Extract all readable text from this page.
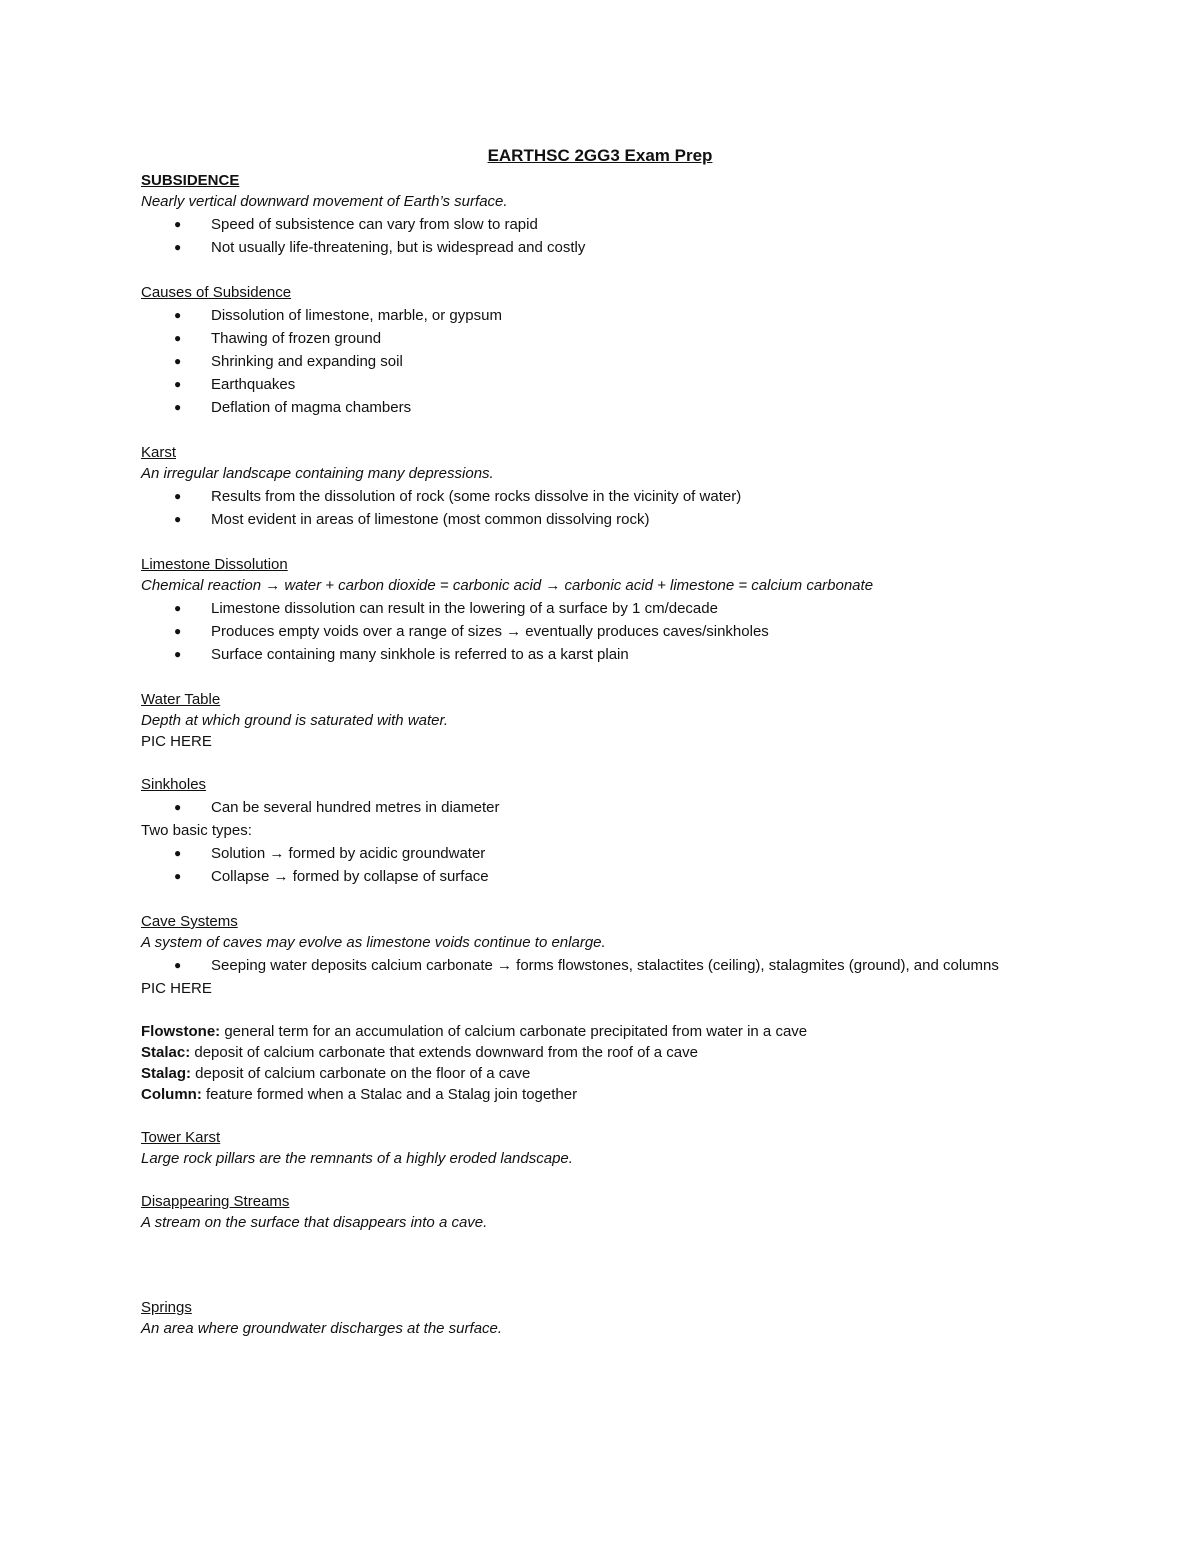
EARTHSC 2GG3 Exam Prep
SUBSIDENCE
Nearly vertical downward movement of Earth’s surface.
● Speed of subsistence can vary from slow to rapid
● Not usually life-threatening, but is widespread and costly
Causes of Subsidence
● Dissolution of limestone, marble, or gypsum
● Thawing of frozen ground
● Shrinking and expanding soil
● Earthquakes
● Deflation of magma chambers
Karst
An irregular landscape containing many depressions.
● Results from the dissolution of rock (some rocks dissolve in the vicinity of water)
● Most evident in areas of limestone (most common dissolving rock)
Limestone Dissolution
Chemical reaction → water + carbon dioxide = carbonic acid → carbonic acid + limestone = calcium carbonate
● Limestone dissolution can result in the lowering of a surface by 1 cm/decade
● Produces empty voids over a range of sizes → eventually produces caves/sinkholes
● Surface containing many sinkhole is referred to as a karst plain
Water Table
Depth at which ground is saturated with water.
PIC HERE
Sinkholes
● Can be several hundred metres in diameter
Two basic types:
● Solution → formed by acidic groundwater
● Collapse → formed by collapse of surface
Cave Systems
A system of caves may evolve as limestone voids continue to enlarge.
● Seeping water deposits calcium carbonate → forms flowstones, stalactites (ceiling), stalagmites (ground), and columns
PIC HERE
Flowstone: general term for an accumulation of calcium carbonate precipitated from water in a cave
Stalac: deposit of calcium carbonate that extends downward from the roof of a cave
Stalag: deposit of calcium carbonate on the floor of a cave
Column: feature formed when a Stalac and a Stalag join together
Tower Karst
Large rock pillars are the remnants of a highly eroded landscape.
Disappearing Streams
A stream on the surface that disappears into a cave.
Springs
An area where groundwater discharges at the surface.
